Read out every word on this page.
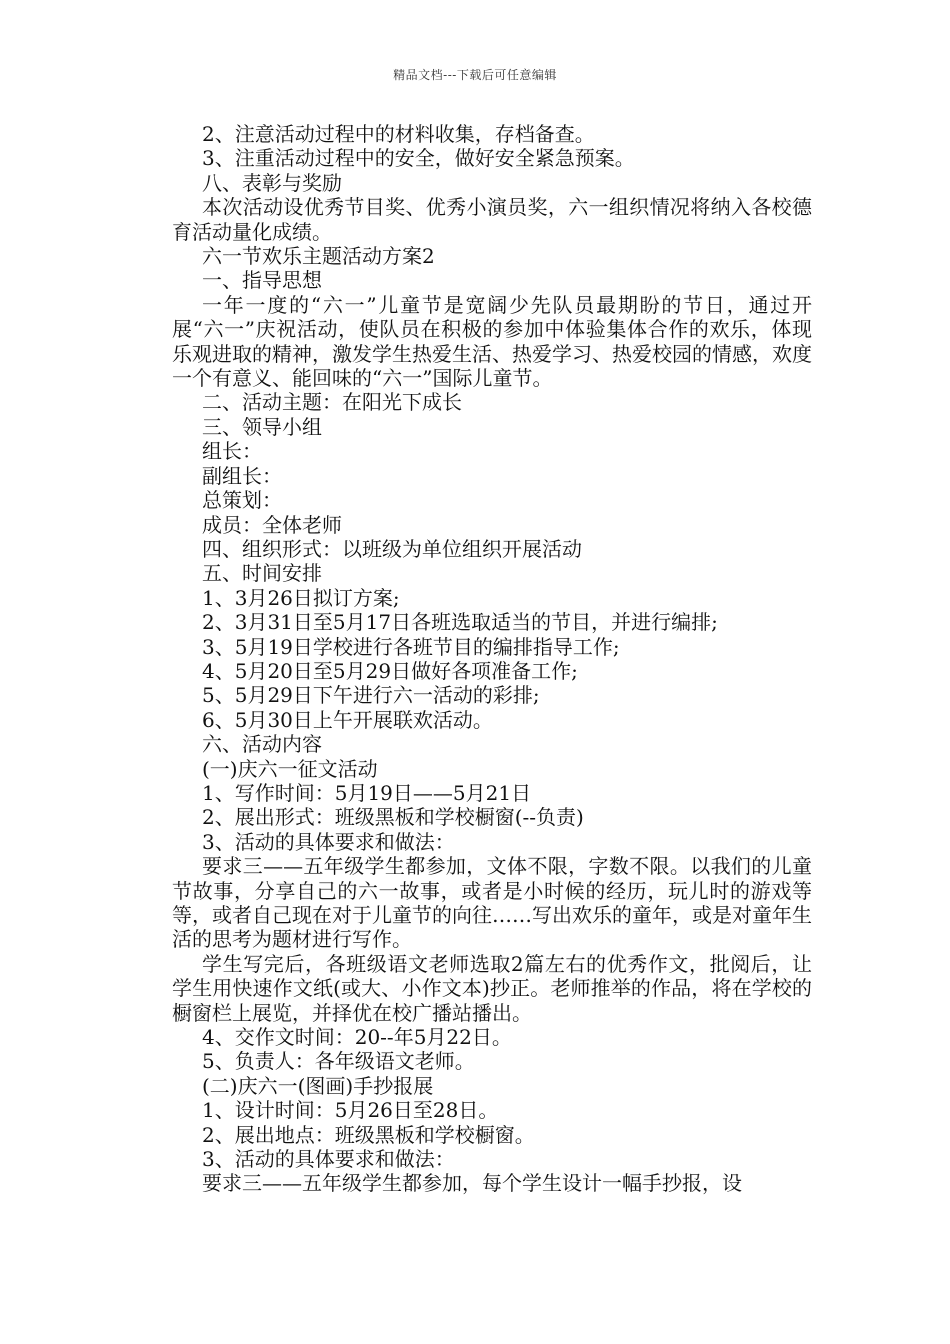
精品文档---下载后可任意编辑

2、注意活动过程中的材料收集，存档备查。

3、注重活动过程中的安全，做好安全紧急预案。

八、表彰与奖励

本次活动设优秀节目奖、优秀小演员奖，六一组织情况将纳入各校德育活动量化成绩。

六一节欢乐主题活动方案2

一、指导思想

一年一度的“六一”儿童节是宽阔少先队员最期盼的节日，通过开展“六一”庆祝活动，使队员在积极的参加中体验集体合作的欢乐，体现乐观进取的精神，激发学生热爱生活、热爱学习、热爱校园的情感，欢度一个有意义、能回味的“六一”国际儿童节。

二、活动主题：在阳光下成长

三、领导小组

组长：

副组长：

总策划：

成员：全体老师

四、组织形式：以班级为单位组织开展活动

五、时间安排

1、3月26日拟订方案;

2、3月31日至5月17日各班选取适当的节目，并进行编排;

3、5月19日学校进行各班节目的编排指导工作;

4、5月20日至5月29日做好各项准备工作;

5、5月29日下午进行六一活动的彩排;

6、5月30日上午开展联欢活动。

六、活动内容

(一)庆六一征文活动

1、写作时间：5月19日——5月21日

2、展出形式：班级黑板和学校橱窗(--负责)

3、活动的具体要求和做法：

要求三——五年级学生都参加，文体不限，字数不限。以我们的儿童节故事，分享自己的六一故事，或者是小时候的经历，玩儿时的游戏等等，或者自己现在对于儿童节的向往……写出欢乐的童年，或是对童年生活的思考为题材进行写作。

学生写完后，各班级语文老师选取2篇左右的优秀作文，批阅后，让学生用快速作文纸(或大、小作文本)抄正。老师推举的作品，将在学校的橱窗栏上展览，并择优在校广播站播出。

4、交作文时间：20--年5月22日。

5、负责人：各年级语文老师。

(二)庆六一(图画)手抄报展

1、设计时间：5月26日至28日。

2、展出地点：班级黑板和学校橱窗。

3、活动的具体要求和做法：

要求三——五年级学生都参加，每个学生设计一幅手抄报，设
